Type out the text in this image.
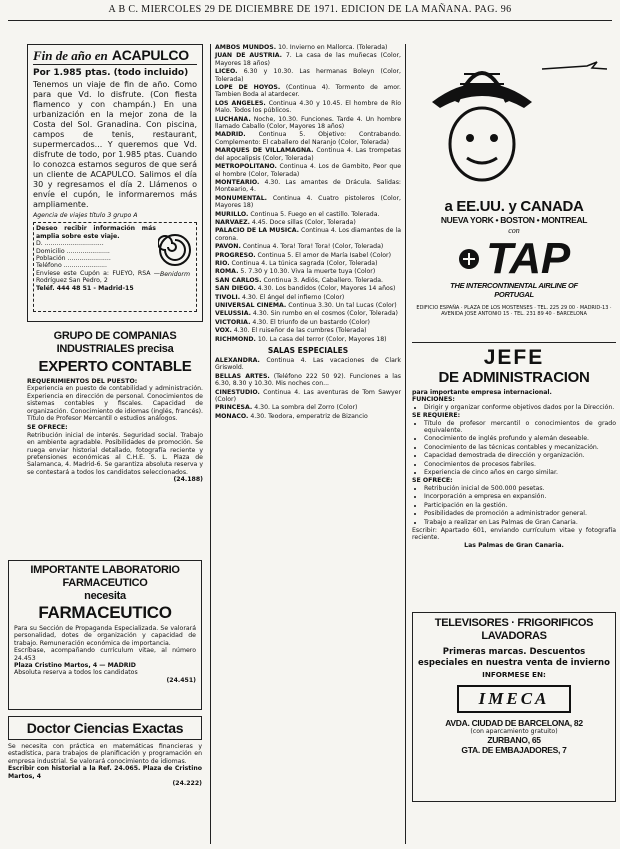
A B C. MIERCOLES 29 DE DICIEMBRE DE 1971. EDICION DE LA MAÑANA. PAG. 96
Fin de año en ACAPULCO
Por 1.985 ptas. (todo incluido)
Tenemos un viaje de fin de año. Como para que Vd. lo disfrute. (Con fiesta flamenco y con champán.) En una urbanización en la mejor zona de la Costa del Sol. Granadina. Con piscina, campos de tenis, restaurant, supermercados... Y queremos que Vd. disfrute de todo, por 1.985 ptas. Cuando lo conozca estamos seguros de que será un cliente de ACAPULCO. Salimos el día 30 y regresamos el día 2. Llámenos o envíe el cupón, le informaremos más ampliamente.
Agencia de viajes título 3 grupo A
Deseo recibir información más amplia sobre este viaje.
D. ..............................
Domicilio ......................
Población ......................
Teléfono ......................
Envíese este Cupón a: FUEYO, RSA — Rodríguez San Pedro, 2
Teléf. 444 48 51 - Madrid-15
Benidorm
GRUPO DE COMPANIAS INDUSTRIALES precisa
EXPERTO CONTABLE
REQUERIMIENTOS DEL PUESTO:
Experiencia en puesto de contabilidad y administración. Experiencia en dirección de personal. Conocimientos de sistemas contables y fiscales. Capacidad de organización. Conocimiento de idiomas (inglés, francés). Título de Profesor Mercantil o estudios análogos.
SE OFRECE:
Retribución inicial de interés. Seguridad social. Trabajo en ambiente agradable. Posibilidades de promoción. Se ruega enviar historial detallado, fotografía reciente y pretensiones económicas al C.H.E. S. L. Plaza de Salamanca, 4. Madrid-6. Se garantiza absoluta reserva y se contestará a todos los candidatos seleccionados.
(24.188)
IMPORTANTE LABORATORIO FARMACEUTICO
necesita
FARMACEUTICO
Para su Sección de Propaganda Especializada. Se valorará personalidad, dotes de organización y capacidad de trabajo. Remuneración económica de importancia.
Escríbase, acompañando currículum vitae, al número 24.453
Plaza Cristino Martos, 4 — MADRID
Absoluta reserva a todos los candidatos
(24.451)
Doctor Ciencias Exactas
Se necesita con práctica en matemáticas financieras y estadística, para trabajos de planificación y programación en empresa industrial. Se valorará conocimiento de idiomas.
Escribir con historial a la Ref. 24.065. Plaza de Cristino Martos, 4
(24.222)
AMBOS MUNDOS. 10. Invierno en Mallorca. (Tolerada)
JUAN DE AUSTRIA. 7. La casa de las muñecas (Color, Mayores 18 años)
LICEO. 6.30 y 10.30. Las hermanas Boleyn (Color, Tolerada)
LOPE DE HOYOS. (Continua 4). Tormento de amor. Tambien Boda al atardecer.
LOS ANGELES. Continua 4.30 y 10.45. El hombre de Río Malo. Todos los públicos.
LUCHANA. Noche, 10.30. Funciones. Tarde 4. Un hombre llamado Caballo (Color, Mayores 18 años)
MADRID. Continua 5. Objetivo: Contrabando. Complemento: El caballero del Naranjo (Color, Tolerada)
MARQUES DE VILLAMAGNA. Continua 4. Las trompetas del apocalipsis (Color, Tolerada)
METROPOLITANO. Continua 4. Los de Gambito, Peor que el hombre (Color, Tolerada)
MONTEARIO. 4.30. Las amantes de Drácula. Salidas: Monteario, 4.
MONUMENTAL. Continua 4. Cuatro pistoleros (Color, Mayores 18)
MURILLO. Continua 5. Fuego en el castillo. Tolerada.
NARVAEZ. 4.45. Doce sillas (Color, Tolerada)
PALACIO DE LA MUSICA. Continua 4. Los diamantes de la corona.
PAVON. Continua 4. Tora! Tora! Tora! (Color, Tolerada)
PROGRESO. Continua 5. El amor de María Isabel (Color)
RIO. Continua 4. La túnica sagrada (Color, Tolerada)
ROMA. 5. 7.30 y 10.30. Viva la muerte tuya (Color)
SAN CARLOS. Continua 3. Adiós, Caballero. Tolerada.
SAN DIEGO. 4.30. Los bandidos (Color, Mayores 14 años)
TIVOLI. 4.30. El ángel del infierno (Color)
UNIVERSAL CINEMA. Continua 3.30. Un tal Lucas (Color)
VELUSSIA. 4.30. Sin rumbo en el cosmos (Color, Tolerada)
VICTORIA. 4.30. El triunfo de un bastardo (Color)
VOX. 4.30. El ruiseñor de las cumbres (Tolerada)
RICHMOND. 10. La casa del terror (Color, Mayores 18)
SALAS ESPECIALES
ALEXANDRA. Continua 4. Las vacaciones de Clark Griswold.
BELLAS ARTES. (Teléfono 222 50 92). Funciones a las 6.30, 8.30 y 10.30. Mis noches con...
CINESTUDIO. Continua 4. Las aventuras de Tom Sawyer (Color)
PRINCESA. 4.30. La sombra del Zorro (Color)
MONACO. 4.30. Teodora, emperatriz de Bizancio
a EE.UU. y CANADA
NUEVA YORK • BOSTON • MONTREAL
con
TAP
THE INTERCONTINENTAL AIRLINE OF PORTUGAL
EDIFICIO ESPAÑA · PLAZA DE LOS MOSTENSES · TEL. 225 29 00 · MADRID-13 · AVENIDA JOSE ANTONIO 15 · TEL. 231 89 40 · BARCELONA
JEFE
DE ADMINISTRACION
para importante empresa internacional.
FUNCIONES:
• Dirigir y organizar conforme objetivos dados por la Dirección.
SE REQUIERE:
• Título de profesor mercantil o conocimientos de grado equivalente.
• Conocimiento de inglés profundo y alemán deseable.
• Conocimiento de las técnicas contables y mecanización.
• Capacidad demostrada de dirección y organización.
• Conocimientos de procesos fabriles.
• Experiencia de cinco años en cargo similar.
SE OFRECE:
• Retribución inicial de 500.000 pesetas.
• Incorporación a empresa en expansión.
• Participación en la gestión.
• Posibilidades de promoción a administrador general.
• Trabajo a realizar en Las Palmas de Gran Canaria.
Escribir: Apartado 601, enviando currículum vitae y fotografía reciente.
Las Palmas de Gran Canaria.
TELEVISORES · FRIGORIFICOS
LAVADORAS
Primeras marcas. Descuentos especiales en nuestra venta de invierno
INFORMESE EN:
IMECA
AVDA. CIUDAD DE BARCELONA, 82
(con aparcamiento gratuito)
ZURBANO, 65
GTA. DE EMBAJADORES, 7
